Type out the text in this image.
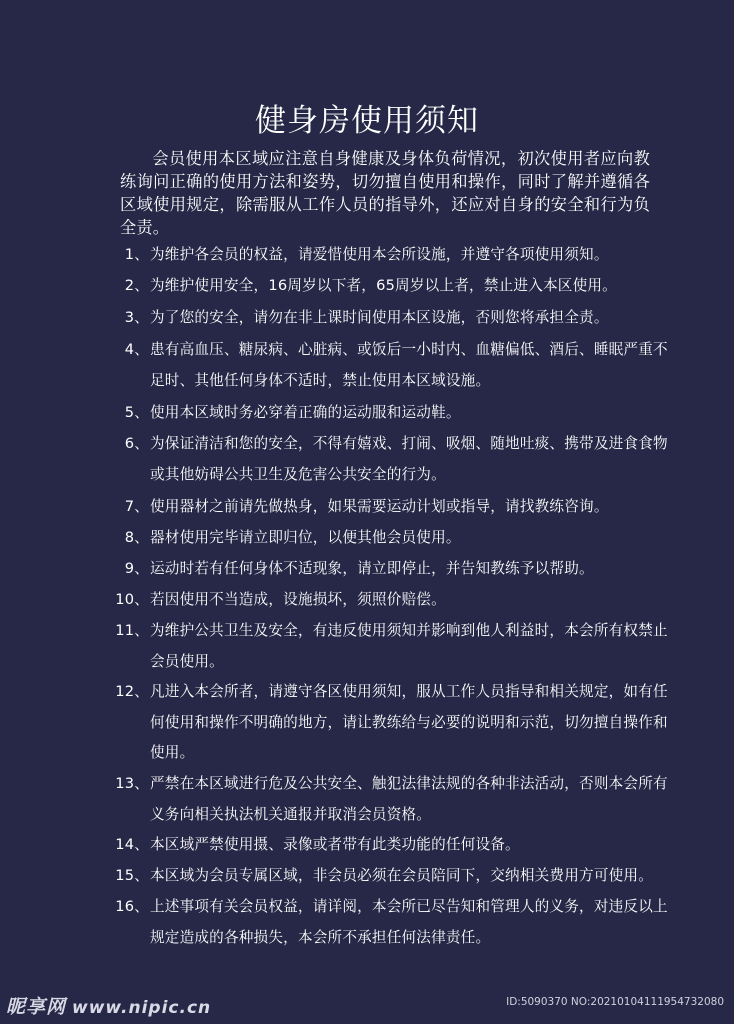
健身房使用须知

会员使用本区域应注意自身健康及身体负荷情况，初次使用者应向教练询问正确的使用方法和姿势，切勿擅自使用和操作，同时了解并遵循各区域使用规定，除需服从工作人员的指导外，还应对自身的安全和行为负全责。

1、 为维护各会员的权益，请爱惜使用本会所设施，并遵守各项使用须知。
2、 为维护使用安全，16周岁以下者，65周岁以上者，禁止进入本区使用。
3、 为了您的安全，请勿在非上课时间使用本区设施，否则您将承担全责。
4、 患有高血压、糖尿病、心脏病、或饭后一小时内、血糖偏低、酒后、睡眠严重不足时、其他任何身体不适时，禁止使用本区域设施。
5、 使用本区域时务必穿着正确的运动服和运动鞋。
6、 为保证清洁和您的安全，不得有嬉戏、打闹、吸烟、随地吐痰、携带及进食食物或其他妨碍公共卫生及危害公共安全的行为。
7、 使用器材之前请先做热身，如果需要运动计划或指导，请找教练咨询。
8、 器材使用完毕请立即归位，以便其他会员使用。
9、 运动时若有任何身体不适现象，请立即停止，并告知教练予以帮助。
10、 若因使用不当造成，设施损坏，须照价赔偿。
11、 为维护公共卫生及安全，有违反使用须知并影响到他人利益时，本会所有权禁止会员使用。
12、 凡进入本会所者，请遵守各区使用须知，服从工作人员指导和相关规定，如有任何使用和操作不明确的地方，请让教练给与必要的说明和示范，切勿擅自操作和使用。
13、 严禁在本区域进行危及公共安全、触犯法律法规的各种非法活动，否则本会所有义务向相关执法机关通报并取消会员资格。
14、 本区域严禁使用摄、录像或者带有此类功能的任何设备。
15、 本区域为会员专属区域，非会员必须在会员陪同下，交纳相关费用方可使用。
16、 上述事项有关会员权益，请详阅，本会所已尽告知和管理人的义务，对违反以上规定造成的各种损失，本会所不承担任何法律责任。
昵享网 www.nipic.cn	ID:5090370 NO:20210104111954732080
